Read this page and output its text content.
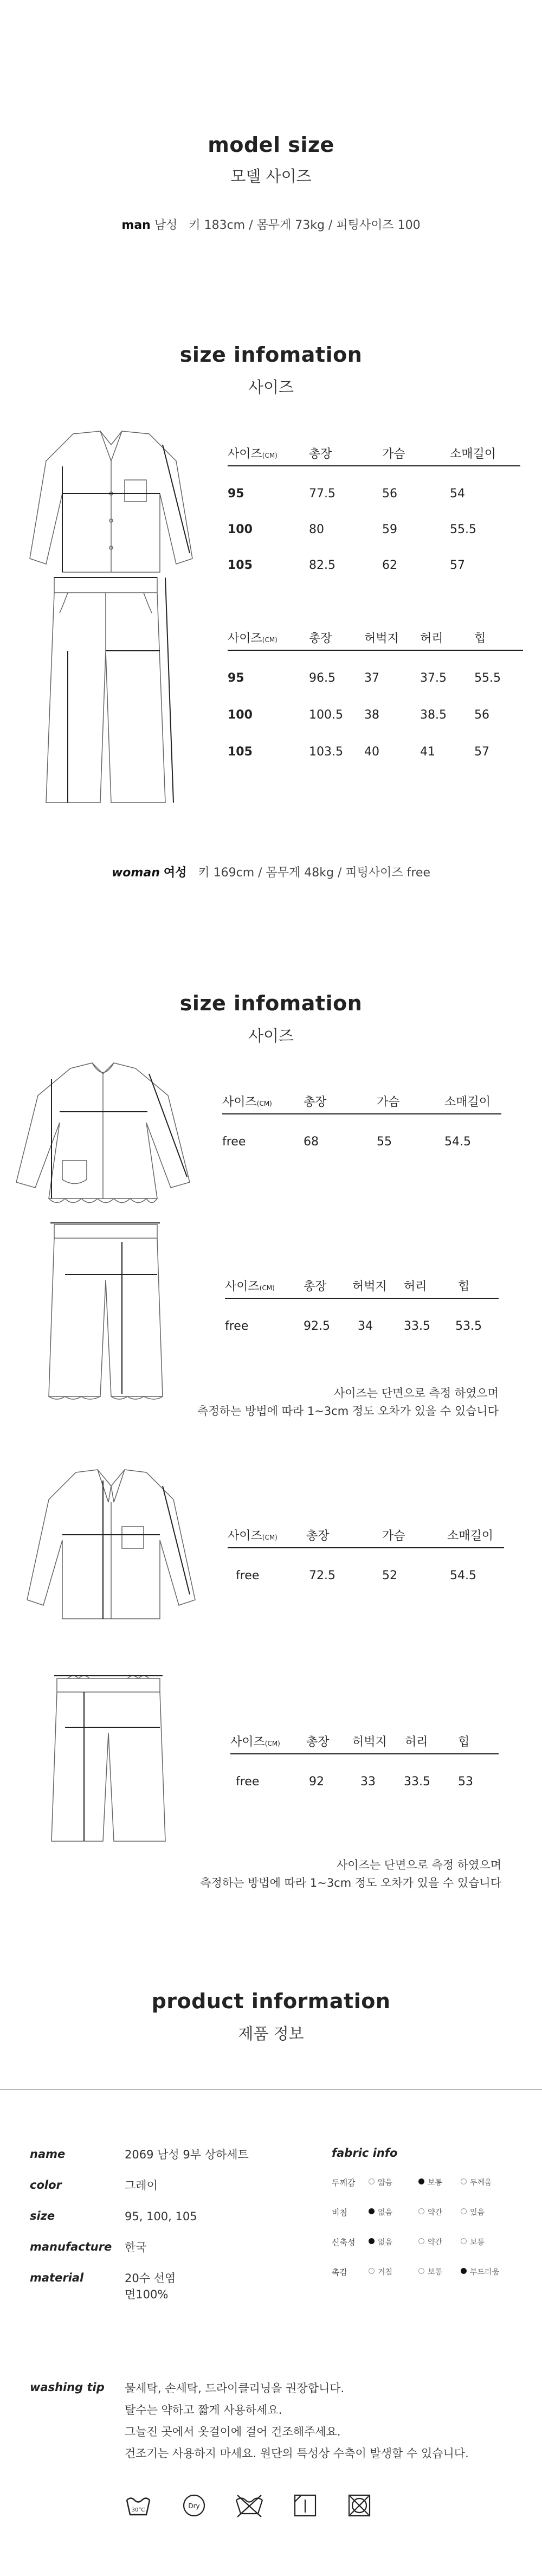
model size
모델 사이즈
man 남성 키 183cm / 몸무게 73kg / 피팅사이즈 100
size infomation
사이즈
사이즈(CM)	총장	가슴	소매길이
95	77.5	56	54
100	80	59	55.5
105	82.5	62	57
사이즈(CM)	총장	허벅지 허리	힙
95	96.5 37	37.5 55.5
100	100.5 38	38.5 56
105	103.5 40	41	57
woman 여성 키 169cm / 몸무게 48kg / 피팅사이즈 free
size infomation
사이즈
사이즈(CM)	총장	가슴	소매길이
free	68	55	54.5
사이즈(CM) 총장 허벅지 허리	힙
free	92.5 34	33.5 53.5
사이즈는 단면으로 측정 하였으며
측정하는 방법에 따라 1~3cm 정도 오차가 있을 수 있습니다
사이즈(CM) 총장	가슴	소매길이
free	72.5	52	54.5
사이즈(CM) 총장 허벅지 허리	힙
free	92	33 33.5 53
사이즈는 단면으로 측정 하였으며
측정하는 방법에 따라 1~3cm 정도 오차가 있을 수 있습니다
product information
제품 정보
name	2069 남성 9부 상하세트
color	그레이
size	95, 100, 105
manufacture 한국
material	20수 선염
면100%
fabric info
두께감	얇음	보통	두께움
비침	없음	약간	있음
신축성	없음	약간	보통
촉감	거침	보통	부드러움
washing tip 물세탁, 손세탁, 드라이클리닝을 권장합니다.
탈수는 약하고 짧게 사용하세요.
그늘진 곳에서 옷걸이에 걸어 건조해주세요.
건조기는 사용하지 마세요. 원단의 특성상 수축이 발생할 수 있습니다.
30°C
Dry
